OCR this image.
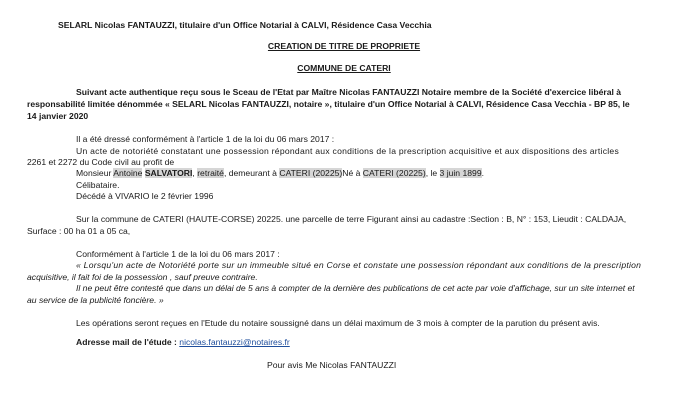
SELARL Nicolas FANTAUZZI, titulaire d'un Office Notarial à CALVI, Résidence Casa Vecchia
CREATION DE TITRE DE PROPRIETE
COMMUNE DE CATERI
Suivant acte authentique reçu sous le Sceau de l'Etat par Maître Nicolas FANTAUZZI Notaire membre de la Société d'exercice libéral à
responsabilité limitée dénommée « SELARL Nicolas FANTAUZZI, notaire », titulaire d'un Office Notarial à CALVI, Résidence Casa Vecchia - BP 85, le
14 janvier 2020
Il a été dressé conformément à l'article 1 de la loi du 06 mars 2017 :
Un acte de notoriété constatant une possession répondant aux conditions de la prescription acquisitive et aux dispositions des articles
2261 et 2272 du Code civil au profit de
Monsieur Antoine SALVATORI, retraité, demeurant à CATERI (20225)Né à CATERI (20225), le 3 juin 1899.
Célibataire.
Décédé à VIVARIO le 2 février 1996
Sur la commune de CATERI (HAUTE-CORSE) 20225. une parcelle de terre Figurant ainsi au cadastre :Section : B, N° : 153, Lieudit : CALDAJA,
Surface : 00 ha 01 a 05 ca,
Conformément à l'article 1 de la loi du 06 mars 2017 :
« Lorsqu'un acte de Notoriété porte sur un immeuble situé en Corse et constate une possession répondant aux conditions de la prescription
acquisitive, il fait foi de la possession , sauf preuve contraire.
Il ne peut être contesté que dans un délai de 5 ans à compter de la dernière des publications de cet acte par voie d'affichage, sur un site internet et
au service de la publicité foncière. »
Les opérations seront reçues en l'Etude du notaire soussigné dans un délai maximum de 3 mois à compter de la parution du présent avis.
Adresse mail de l'étude : nicolas.fantauzzi@notaires.fr
Pour avis Me Nicolas FANTAUZZI
